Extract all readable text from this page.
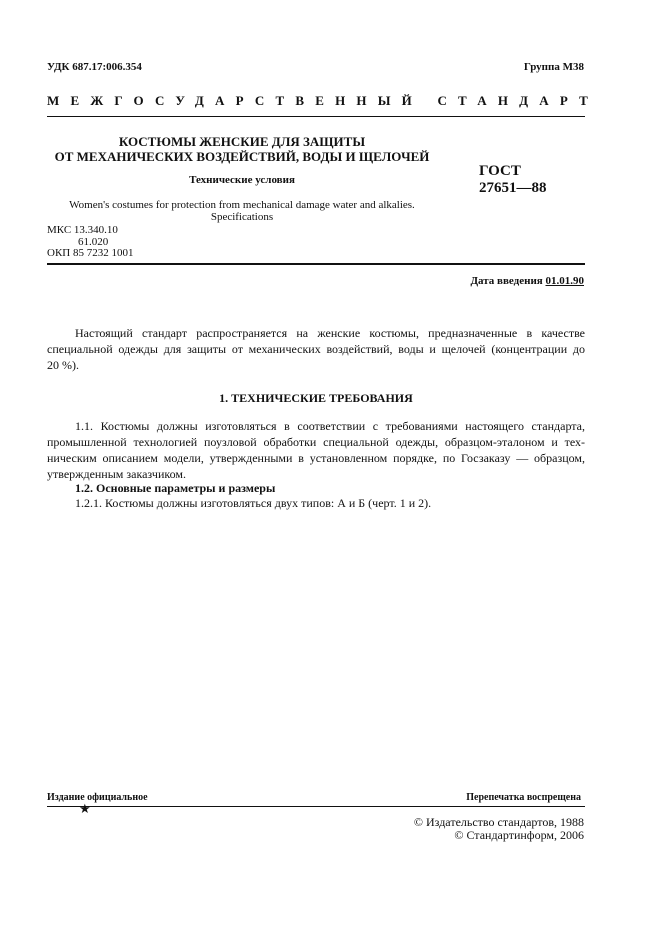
УДК 687.17:006.354	Группа М38
МЕЖГОСУДАРСТВЕННЫЙ СТАНДАРТ
КОСТЮМЫ ЖЕНСКИЕ ДЛЯ ЗАЩИТЫ
ОТ МЕХАНИЧЕСКИХ ВОЗДЕЙСТВИЙ, ВОДЫ И ЩЕЛОЧЕЙ
Технические условия
Women's costumes for protection from mechanical damage water and alkalies.
Specifications
ГОСТ
27651—88
МКС 13.340.10
61.020
ОКП 85 7232 1001
Дата введения 01.01.90
Настоящий стандарт распространяется на женские костюмы, предназначенные в качестве
специальной одежды для защиты от механических воздействий, воды и щелочей (концентрации до
20 %).
1. ТЕХНИЧЕСКИЕ ТРЕБОВАНИЯ
1.1. Костюмы должны изготовляться в соответствии с требованиями настоящего стандарта,
промышленной технологией поузловой обработки специальной одежды, образцом-эталоном и тех-
ническим описанием модели, утвержденными в установленном порядке, по Госзаказу — образцом,
утвержденным заказчиком.
1.2. Основные параметры и размеры
1.2.1. Костюмы должны изготовляться двух типов: А и Б (черт. 1 и 2).
Издание официальное	Перепечатка воспрещена
★
© Издательство стандартов, 1988
© Стандартинформ, 2006
